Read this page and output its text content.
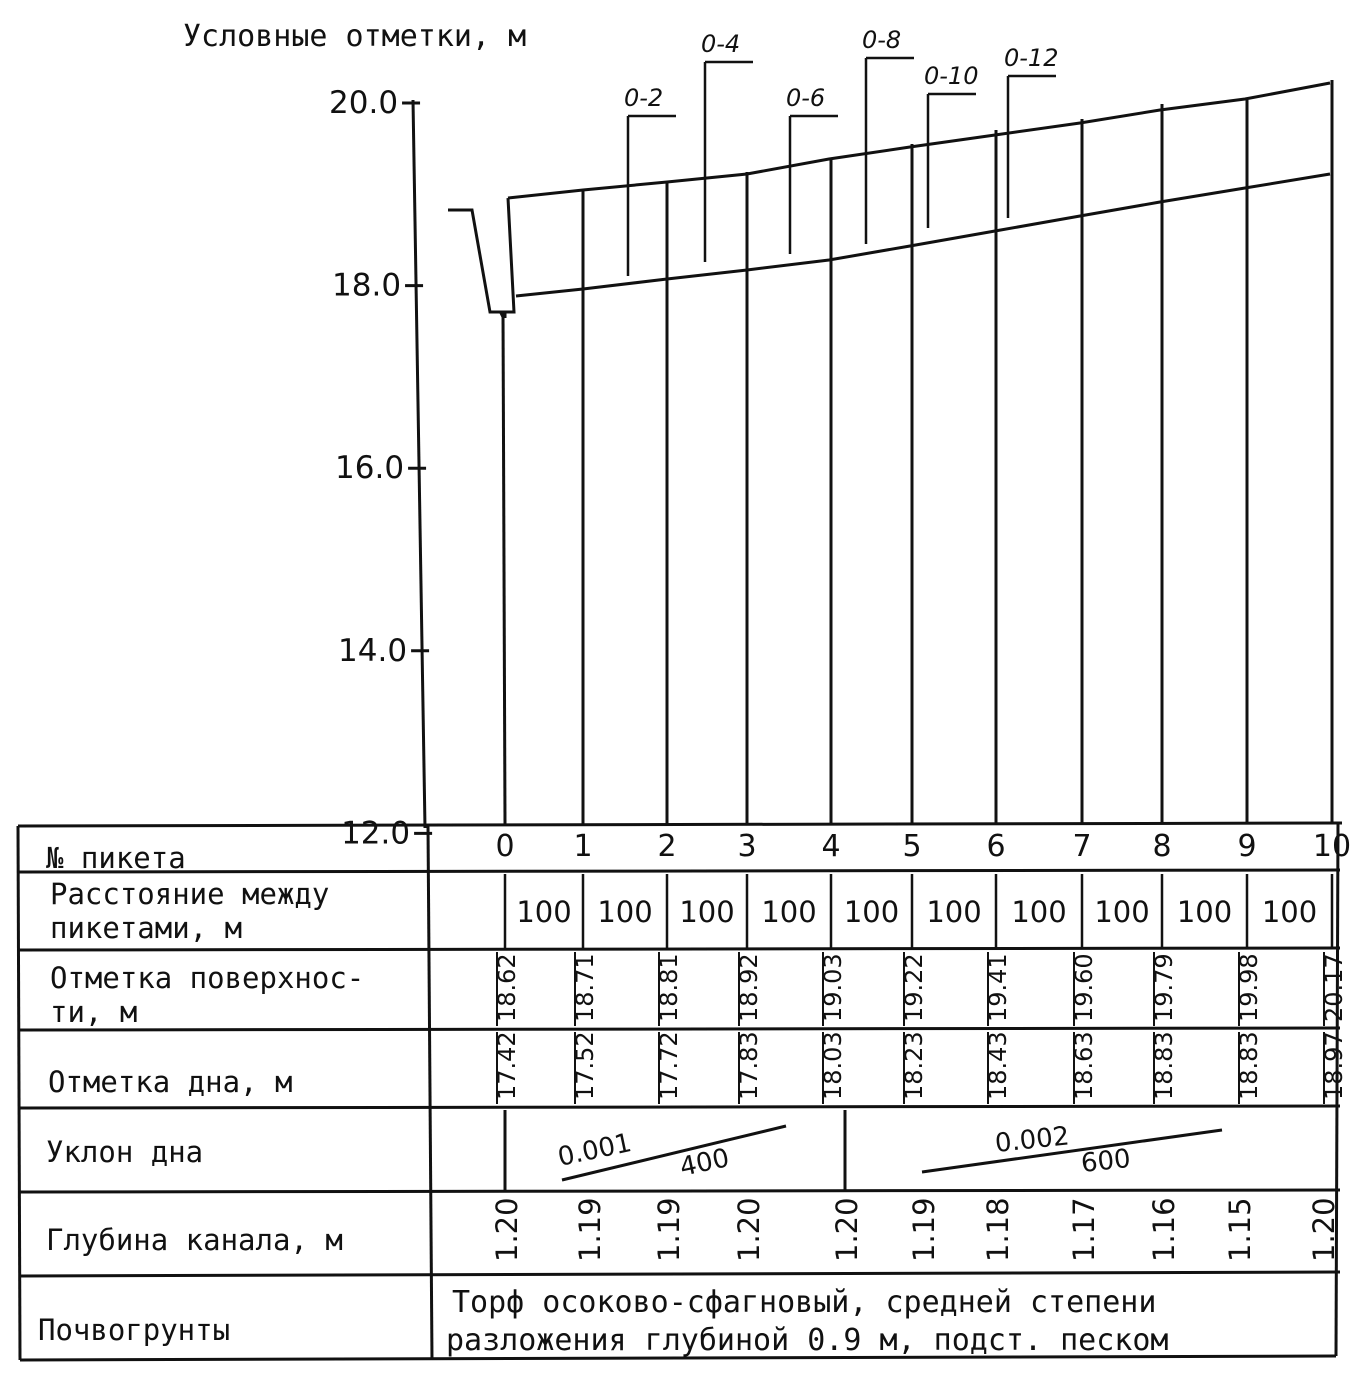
Условные отметки, м
20.0
18.0
16.0
14.0
12.0
0-2
0-4
0-6
0-8
0-10
0-12
№ пикета
Расстояние между
пикетами, м
Отметка поверхнос-
ти, м
Отметка дна, м
Уклон дна
Глубина канала, м
Почвогрунты
0 1 2 3 4 5 6 7 8 9 10
100 100 100 100 100 100 100 100 100 100
18.62 18.71 18.81 18.92 19.03 19.22 19.41 19.60 19.79 19.98 20.17
17.42 17.52 17.72 17.83 18.03 18.23 18.43 18.63 18.83 18.83 18.97
1.20 1.19 1.19 1.20 1.20 1.19 1.18 1.17 1.16 1.15 1.20
0.001 400
0.002
600
Торф осоково-сфагновый, средней степени
разложения глубиной 0.9 м, подст. песком
